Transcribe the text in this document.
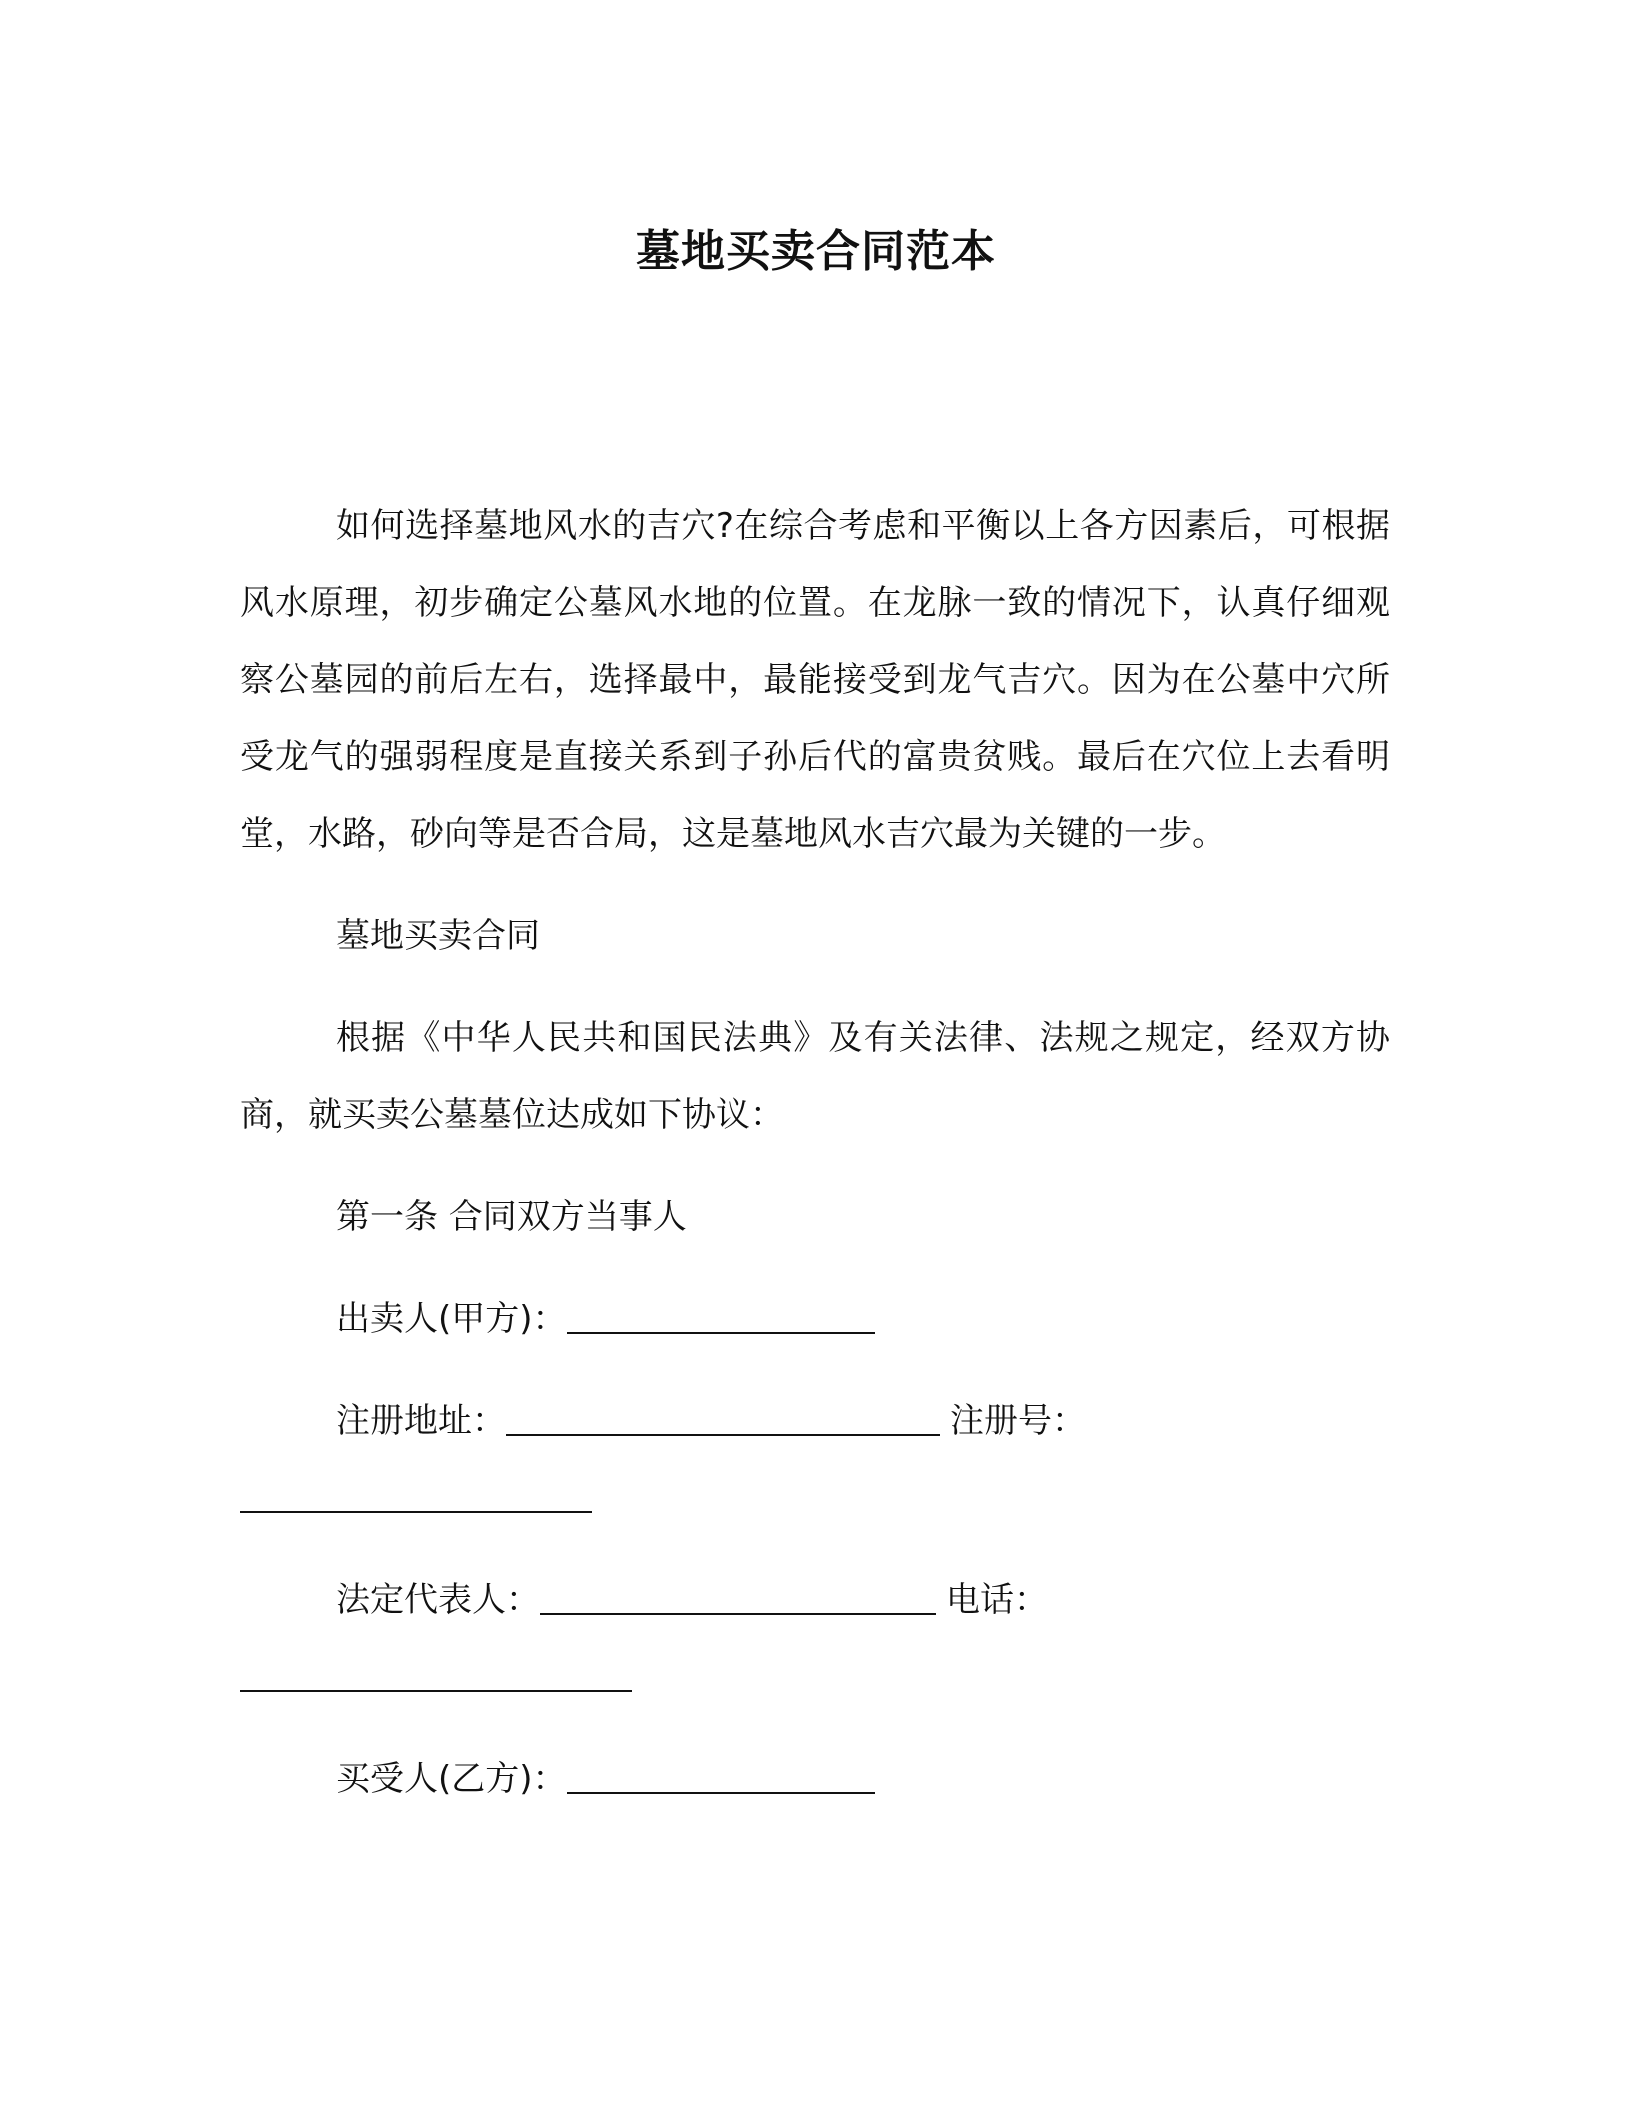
墓地买卖合同范本

如何选择墓地风水的吉穴?在综合考虑和平衡以上各方因素后，可根据风水原理，初步确定公墓风水地的位置。在龙脉一致的情况下，认真仔细观察公墓园的前后左右，选择最中，最能接受到龙气吉穴。因为在公墓中穴所受龙气的强弱程度是直接关系到子孙后代的富贵贫贱。最后在穴位上去看明堂，水路，砂向等是否合局，这是墓地风水吉穴最为关键的一步。

墓地买卖合同

根据《中华人民共和国民法典》及有关法律、法规之规定，经双方协商，就买卖公墓墓位达成如下协议：

第一条 合同双方当事人

出卖人(甲方)：

注册地址：	注册号：

法定代表人：	电话：

买受人(乙方)：
